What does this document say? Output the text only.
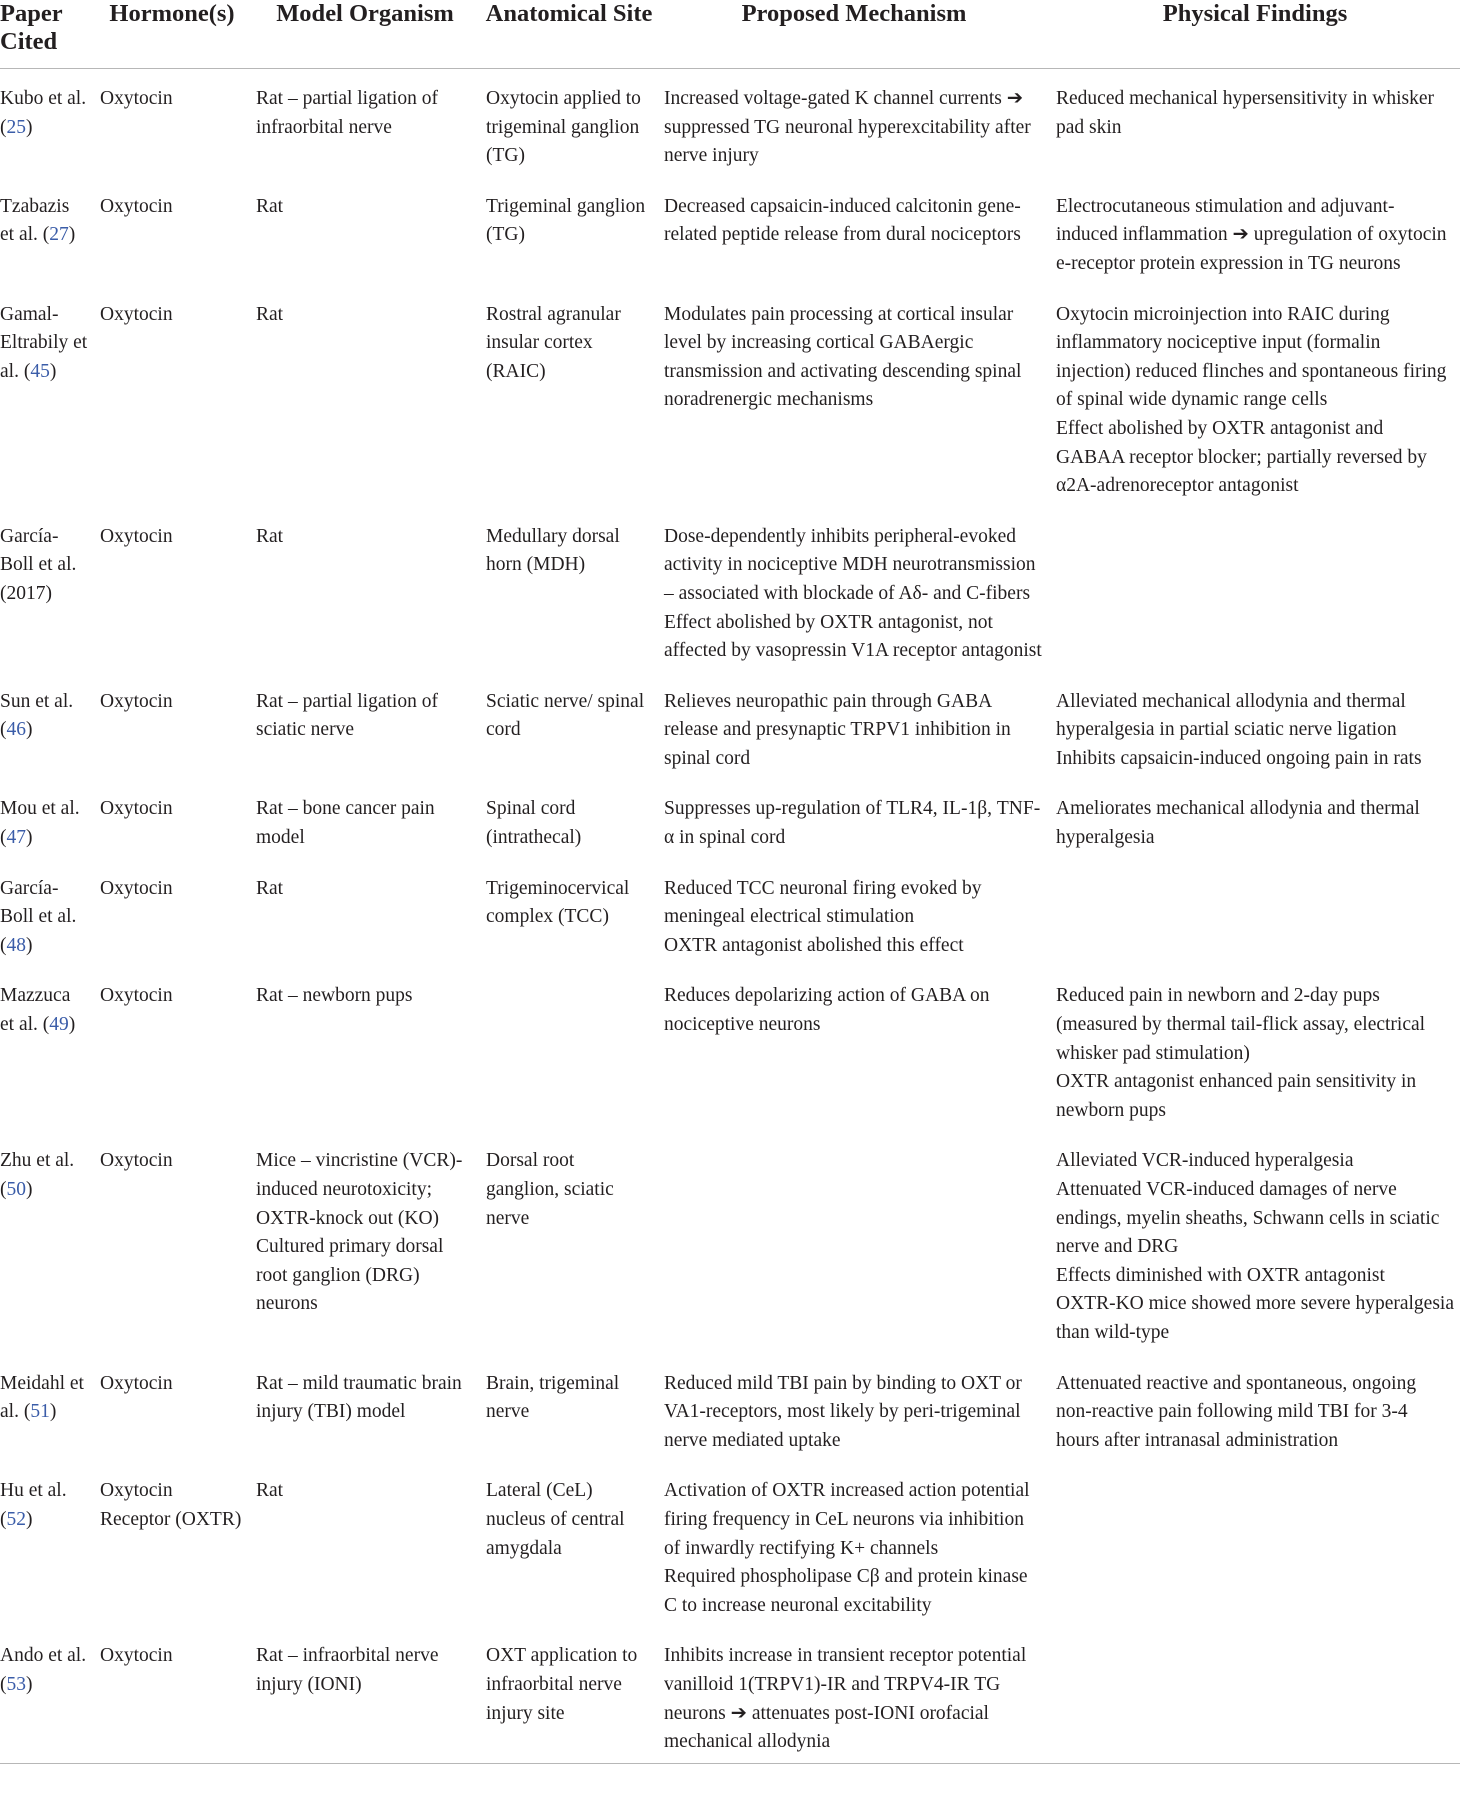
Paper Cited	Hormone(s)	Model Organism	Anatomical Site	Proposed Mechanism	Physical Findings
Kubo et al. (25)	Oxytocin	Rat – partial ligation of infraorbital nerve	Oxytocin applied to trigeminal ganglion (TG)	Increased voltage-gated K channel currents ➔ suppressed TG neuronal hyperexcitability after nerve injury	Reduced mechanical hypersensitivity in whisker pad skin

Tzabazis et al. (27)	Oxytocin	Rat	Trigeminal ganglion (TG)	Decreased capsaicin-induced calcitonin gene-related peptide release from dural nociceptors	Electrocutaneous stimulation and adjuvant-induced inflammation ➔ upregulation of oxytocin e-receptor protein expression in TG neurons

Gamal-Eltrabily et al. (45)	Oxytocin	Rat	Rostral agranular insular cortex (RAIC)	Modulates pain processing at cortical insular level by increasing cortical GABAergic transmission and activating descending spinal noradrenergic mechanisms	Oxytocin microinjection into RAIC during inflammatory nociceptive input (formalin injection) reduced flinches and spontaneous firing of spinal wide dynamic range cells
Effect abolished by OXTR antagonist and GABAA receptor blocker; partially reversed by α2A-adrenoreceptor antagonist

García-Boll et al. (2017)	Oxytocin	Rat	Medullary dorsal horn (MDH)	Dose-dependently inhibits peripheral-evoked activity in nociceptive MDH neurotransmission – associated with blockade of Aδ- and C-fibers
Effect abolished by OXTR antagonist, not affected by vasopressin V1A receptor antagonist	

Sun et al. (46)	Oxytocin	Rat – partial ligation of sciatic nerve	Sciatic nerve/ spinal cord	Relieves neuropathic pain through GABA release and presynaptic TRPV1 inhibition in spinal cord	Alleviated mechanical allodynia and thermal hyperalgesia in partial sciatic nerve ligation
Inhibits capsaicin-induced ongoing pain in rats

Mou et al. (47)	Oxytocin	Rat – bone cancer pain model	Spinal cord (intrathecal)	Suppresses up-regulation of TLR4, IL-1β, TNF-α in spinal cord	Ameliorates mechanical allodynia and thermal hyperalgesia

García-Boll et al. (48)	Oxytocin	Rat	Trigeminocervical complex (TCC)	Reduced TCC neuronal firing evoked by meningeal electrical stimulation
OXTR antagonist abolished this effect	

Mazzuca et al. (49)	Oxytocin	Rat – newborn pups		Reduces depolarizing action of GABA on nociceptive neurons	Reduced pain in newborn and 2-day pups (measured by thermal tail-flick assay, electrical whisker pad stimulation)
OXTR antagonist enhanced pain sensitivity in newborn pups

Zhu et al. (50)	Oxytocin	Mice – vincristine (VCR)-induced neurotoxicity; OXTR-knock out (KO)
Cultured primary dorsal root ganglion (DRG) neurons	Dorsal root ganglion, sciatic nerve		Alleviated VCR-induced hyperalgesia
Attenuated VCR-induced damages of nerve endings, myelin sheaths, Schwann cells in sciatic nerve and DRG
Effects diminished with OXTR antagonist
OXTR-KO mice showed more severe hyperalgesia than wild-type

Meidahl et al. (51)	Oxytocin	Rat – mild traumatic brain injury (TBI) model	Brain, trigeminal nerve	Reduced mild TBI pain by binding to OXT or VA1-receptors, most likely by peri-trigeminal nerve mediated uptake	Attenuated reactive and spontaneous, ongoing non-reactive pain following mild TBI for 3-4 hours after intranasal administration

Hu et al. (52)	Oxytocin Receptor (OXTR)	Rat	Lateral (CeL) nucleus of central amygdala	Activation of OXTR increased action potential firing frequency in CeL neurons via inhibition of inwardly rectifying K+ channels
Required phospholipase Cβ and protein kinase C to increase neuronal excitability	

Ando et al. (53)	Oxytocin	Rat – infraorbital nerve injury (IONI)	OXT application to infraorbital nerve injury site	Inhibits increase in transient receptor potential vanilloid 1(TRPV1)-IR and TRPV4-IR TG neurons ➔ attenuates post-IONI orofacial mechanical allodynia	
